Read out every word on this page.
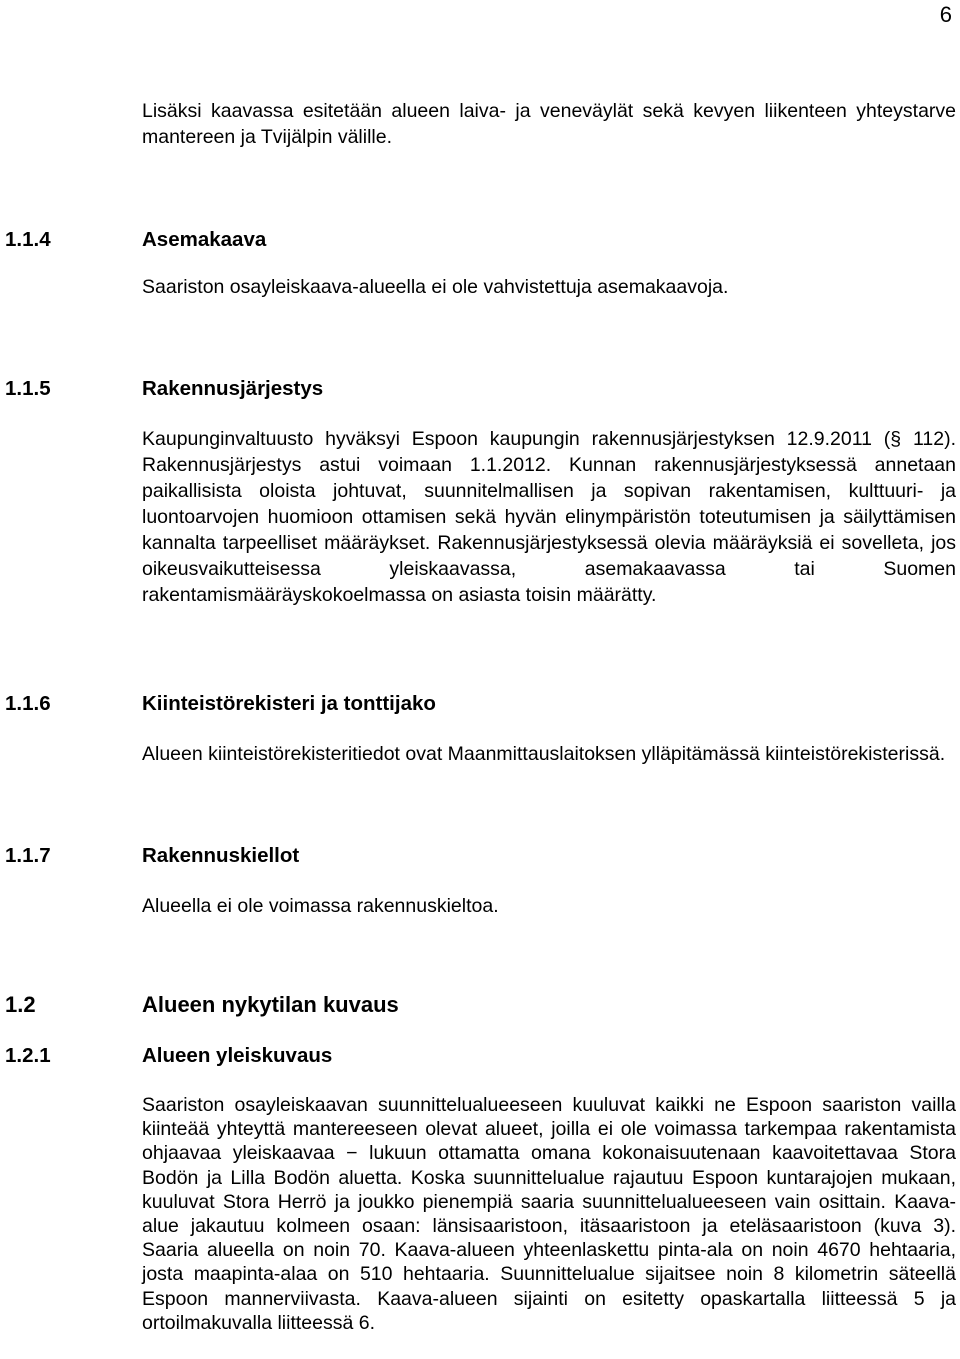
6

Lisäksi kaavassa esitetään alueen laiva- ja veneväylät sekä kevyen liikenteen yhteystarve mantereen ja Tvijälpin välille.

1.1.4	Asemakaava

Saariston osayleiskaava-alueella ei ole vahvistettuja asemakaavoja.

1.1.5	Rakennusjärjestys

Kaupunginvaltuusto hyväksyi Espoon kaupungin rakennusjärjestyksen 12.9.2011 (§ 112). Rakennusjärjestys astui voimaan 1.1.2012. Kunnan rakennusjärjestyksessä annetaan paikallisista oloista johtuvat, suunnitelmallisen ja sopivan rakentamisen, kulttuuri- ja luontoarvojen huomioon ottamisen sekä hyvän elinympäristön toteutumisen ja säilyttämisen kannalta tarpeelliset määräykset. Rakennusjärjestyksessä olevia määräyksiä ei sovelleta, jos oikeusvaikutteisessa yleiskaavassa, asemakaavassa tai Suomen rakentamismääräyskokoelmassa on asiasta toisin määrätty.

1.1.6	Kiinteistörekisteri ja tonttijako

Alueen kiinteistörekisteritiedot ovat Maanmittauslaitoksen ylläpitämässä kiinteistörekisterissä.

1.1.7	Rakennuskiellot

Alueella ei ole voimassa rakennuskieltoa.

1.2	Alueen nykytilan kuvaus
1.2.1	Alueen yleiskuvaus

Saariston osayleiskaavan suunnittelualueeseen kuuluvat kaikki ne Espoon saariston vailla kiinteää yhteyttä mantereeseen olevat alueet, joilla ei ole voimassa tarkempaa rakentamista ohjaavaa yleiskaavaa − lukuun ottamatta omana kokonaisuutenaan kaavoitettavaa Stora Bodön ja Lilla Bodön aluetta. Koska suunnittelualue rajautuu Espoon kuntarajojen mukaan, kuuluvat Stora Herrö ja joukko pienempiä saaria suunnittelualueeseen vain osittain. Kaava-alue jakautuu kolmeen osaan: länsisaaristoon, itäsaaristoon ja eteläsaaristoon (kuva 3). Saaria alueella on noin 70. Kaava-alueen yhteenlaskettu pinta-ala on noin 4670 hehtaaria, josta maapinta-alaa on 510 hehtaaria. Suunnittelualue sijaitsee noin 8 kilometrin säteellä Espoon mannerviivasta. Kaava-alueen sijainti on esitetty opaskartalla liitteessä 5 ja ortoilmakuvalla liitteessä 6.
